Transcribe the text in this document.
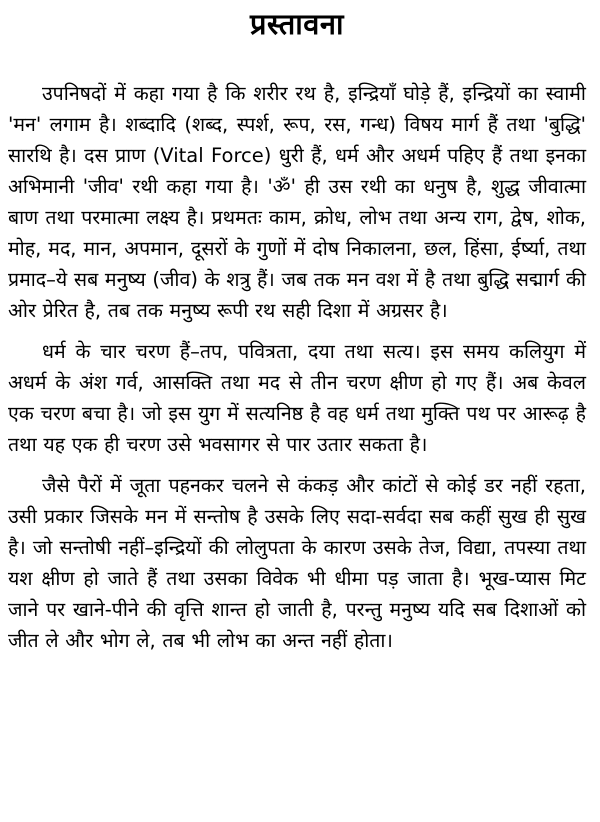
प्रस्तावना

उपनिषदों में कहा गया है कि शरीर रथ है, इन्द्रियाँ घोड़े हैं, इन्द्रियों का स्वामी 'मन' लगाम है। शब्दादि (शब्द, स्पर्श, रूप, रस, गन्ध) विषय मार्ग हैं तथा 'बुद्धि' सारथि है। दस प्राण (Vital Force) धुरी हैं, धर्म और अधर्म पहिए हैं तथा इनका अभिमानी 'जीव' रथी कहा गया है। 'ॐ' ही उस रथी का धनुष है, शुद्ध जीवात्मा बाण तथा परमात्मा लक्ष्य है। प्रथमतः काम, क्रोध, लोभ तथा अन्य राग, द्वेष, शोक, मोह, मद, मान, अपमान, दूसरों के गुणों में दोष निकालना, छल, हिंसा, ईर्ष्या, तथा प्रमाद–ये सब मनुष्य (जीव) के शत्रु हैं। जब तक मन वश में है तथा बुद्धि सद्मार्ग की ओर प्रेरित है, तब तक मनुष्य रूपी रथ सही दिशा में अग्रसर है।

धर्म के चार चरण हैं–तप, पवित्रता, दया तथा सत्य। इस समय कलियुग में अधर्म के अंश गर्व, आसक्ति तथा मद से तीन चरण क्षीण हो गए हैं। अब केवल एक चरण बचा है। जो इस युग में सत्यनिष्ठ है वह धर्म तथा मुक्ति पथ पर आरूढ़ है तथा यह एक ही चरण उसे भवसागर से पार उतार सकता है।

जैसे पैरों में जूता पहनकर चलने से कंकड़ और कांटों से कोई डर नहीं रहता, उसी प्रकार जिसके मन में सन्तोष है उसके लिए सदा-सर्वदा सब कहीं सुख ही सुख है। जो सन्तोषी नहीं–इन्द्रियों की लोलुपता के कारण उसके तेज, विद्या, तपस्या तथा यश क्षीण हो जाते हैं तथा उसका विवेक भी धीमा पड़ जाता है। भूख-प्यास मिट जाने पर खाने-पीने की वृत्ति शान्त हो जाती है, परन्तु मनुष्य यदि सब दिशाओं को जीत ले और भोग ले, तब भी लोभ का अन्त नहीं होता।
